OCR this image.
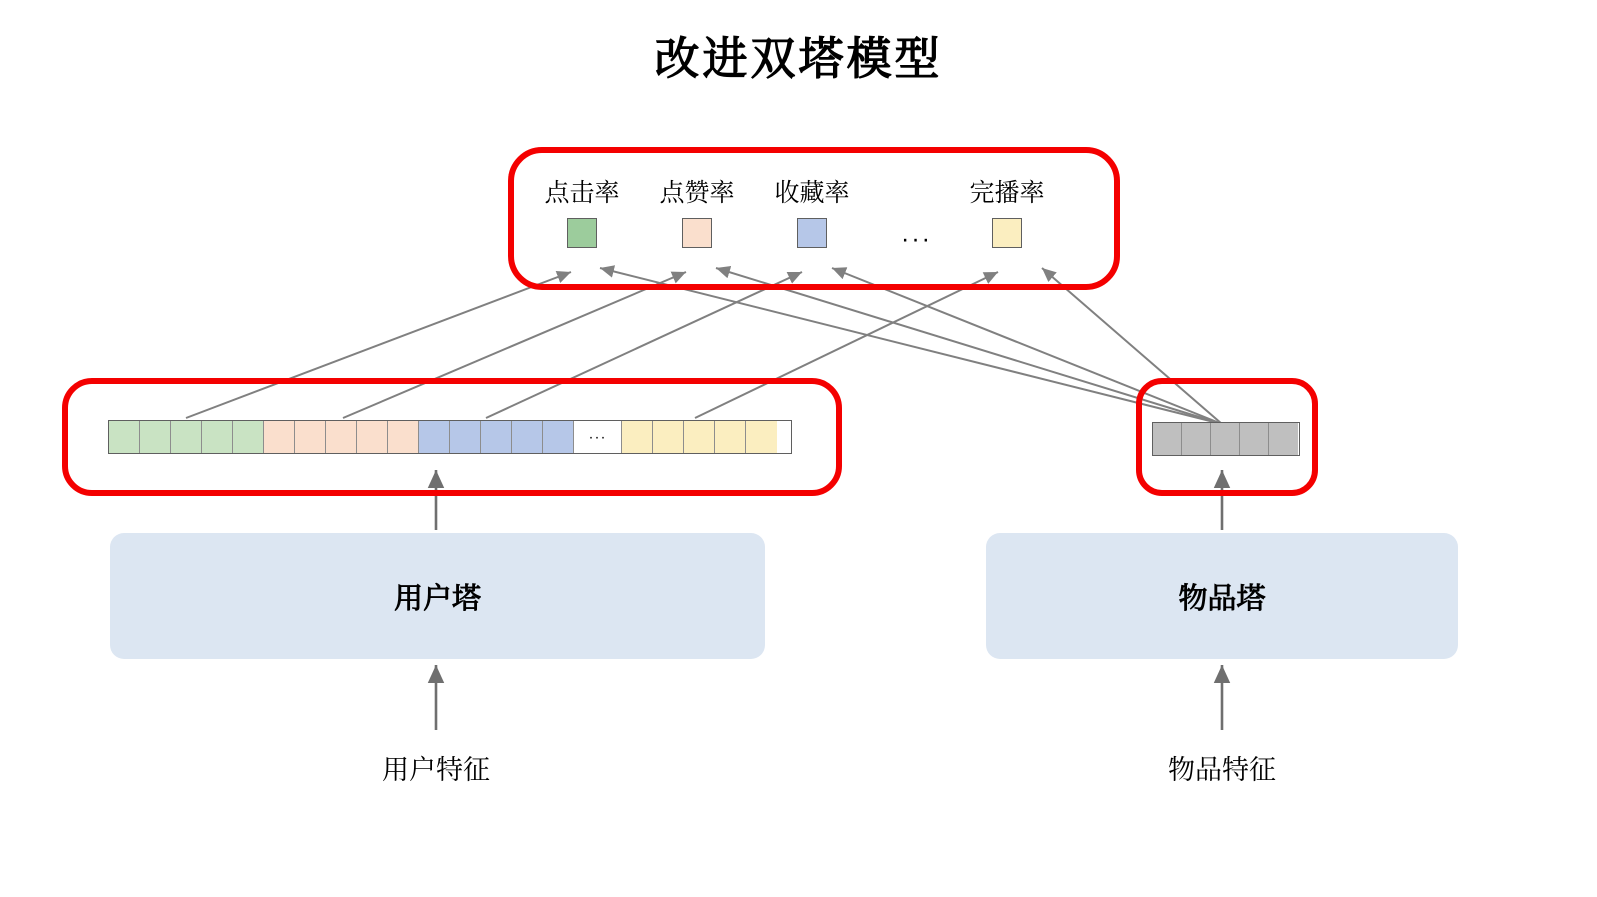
改进双塔模型
点击率	点赞率	收藏率
···
完播率
···
用户塔	物品塔
用户特征	物品特征
